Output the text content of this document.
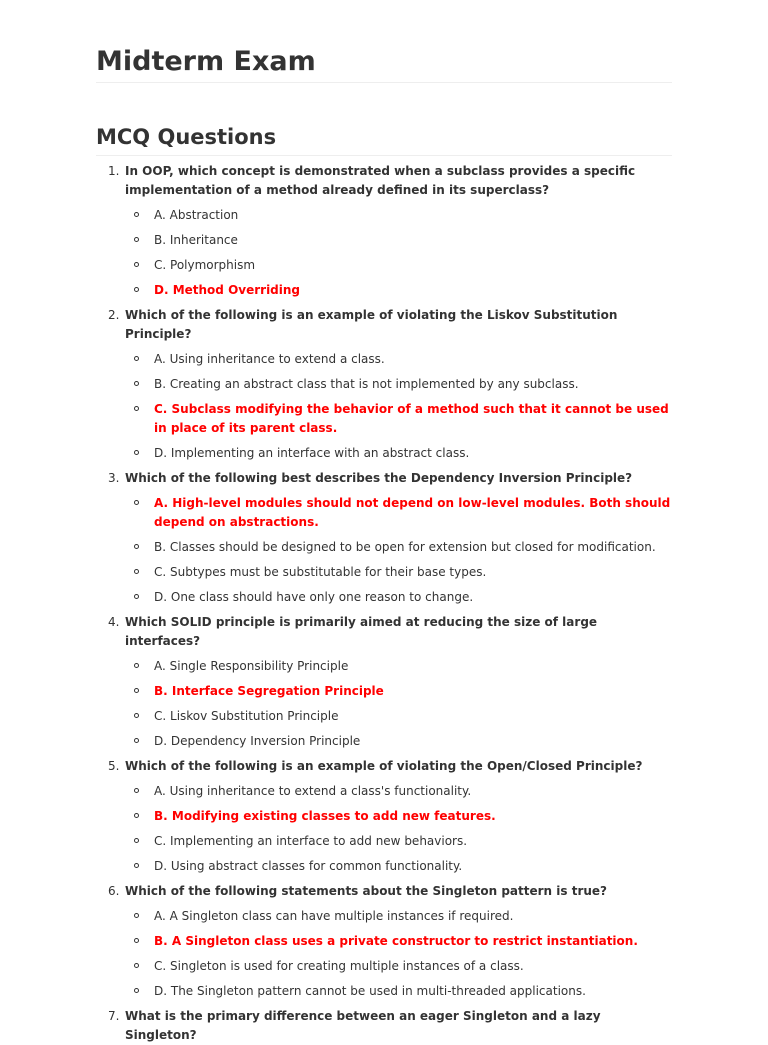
Midterm Exam
MCQ Questions
1. In OOP, which concept is demonstrated when a subclass provides a specific implementation of a method already defined in its superclass?
A. Abstraction
B. Inheritance
C. Polymorphism
D. Method Overriding
2. Which of the following is an example of violating the Liskov Substitution Principle?
A. Using inheritance to extend a class.
B. Creating an abstract class that is not implemented by any subclass.
C. Subclass modifying the behavior of a method such that it cannot be used in place of its parent class.
D. Implementing an interface with an abstract class.
3. Which of the following best describes the Dependency Inversion Principle?
A. High-level modules should not depend on low-level modules. Both should depend on abstractions.
B. Classes should be designed to be open for extension but closed for modification.
C. Subtypes must be substitutable for their base types.
D. One class should have only one reason to change.
4. Which SOLID principle is primarily aimed at reducing the size of large interfaces?
A. Single Responsibility Principle
B. Interface Segregation Principle
C. Liskov Substitution Principle
D. Dependency Inversion Principle
5. Which of the following is an example of violating the Open/Closed Principle?
A. Using inheritance to extend a class's functionality.
B. Modifying existing classes to add new features.
C. Implementing an interface to add new behaviors.
D. Using abstract classes for common functionality.
6. Which of the following statements about the Singleton pattern is true?
A. A Singleton class can have multiple instances if required.
B. A Singleton class uses a private constructor to restrict instantiation.
C. Singleton is used for creating multiple instances of a class.
D. The Singleton pattern cannot be used in multi-threaded applications.
7. What is the primary difference between an eager Singleton and a lazy Singleton?
